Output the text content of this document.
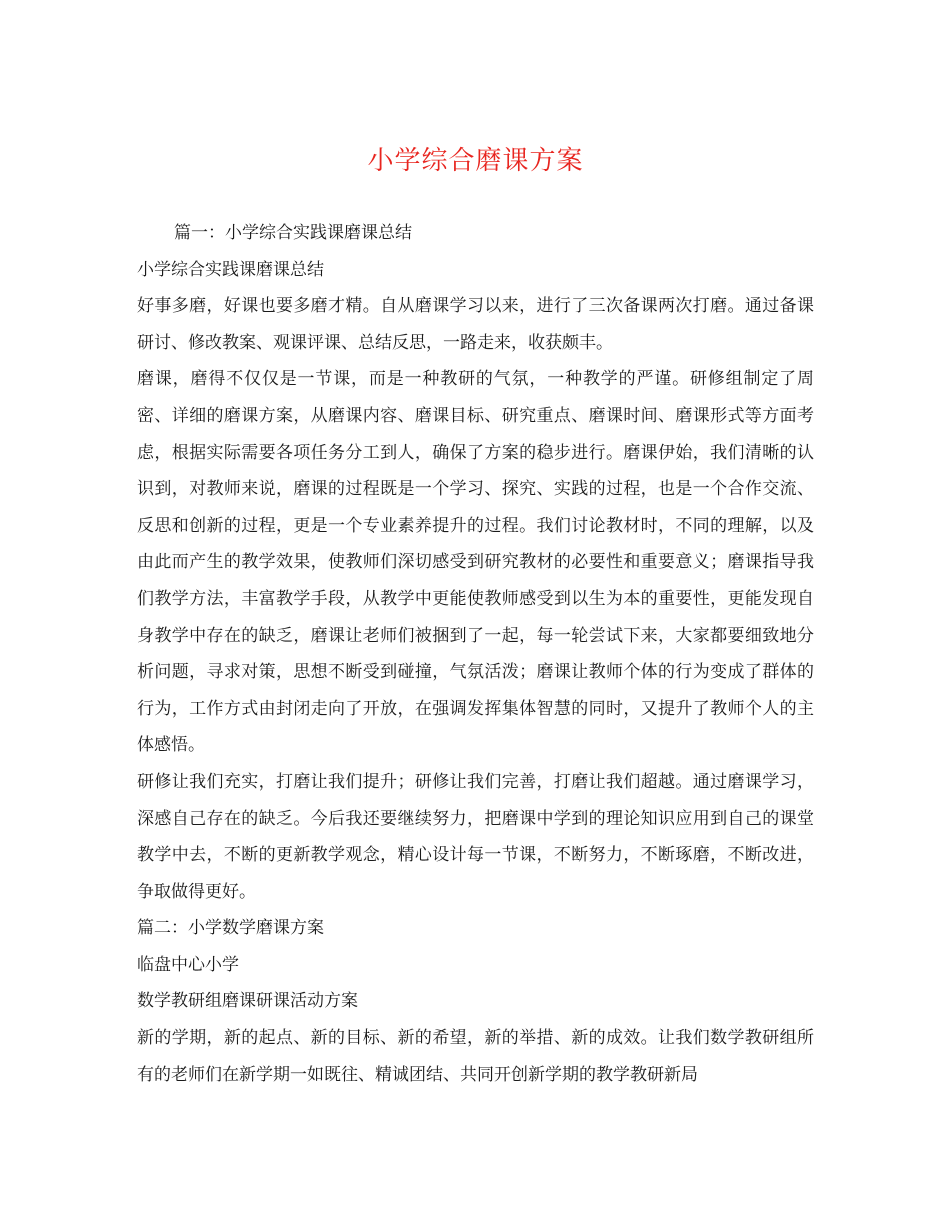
小学综合磨课方案

篇一：小学综合实践课磨课总结

小学综合实践课磨课总结

好事多磨，好课也要多磨才精。自从磨课学习以来，进行了三次备课两次打磨。通过备课研讨、修改教案、观课评课、总结反思，一路走来，收获颇丰。

磨课，磨得不仅仅是一节课，而是一种教研的气氛，一种教学的严谨。研修组制定了周密、详细的磨课方案，从磨课内容、磨课目标、研究重点、磨课时间、磨课形式等方面考虑，根据实际需要各项任务分工到人，确保了方案的稳步进行。磨课伊始，我们清晰的认识到，对教师来说，磨课的过程既是一个学习、探究、实践的过程，也是一个合作交流、反思和创新的过程，更是一个专业素养提升的过程。我们讨论教材时，不同的理解，以及由此而产生的教学效果，使教师们深切感受到研究教材的必要性和重要意义；磨课指导我们教学方法，丰富教学手段，从教学中更能使教师感受到以生为本的重要性，更能发现自身教学中存在的缺乏，磨课让老师们被捆到了一起，每一轮尝试下来，大家都要细致地分析问题，寻求对策，思想不断受到碰撞，气氛活泼；磨课让教师个体的行为变成了群体的行为，工作方式由封闭走向了开放，在强调发挥集体智慧的同时，又提升了教师个人的主体感悟。

研修让我们充实，打磨让我们提升；研修让我们完善，打磨让我们超越。通过磨课学习，深感自己存在的缺乏。今后我还要继续努力，把磨课中学到的理论知识应用到自己的课堂教学中去，不断的更新教学观念，精心设计每一节课，不断努力，不断琢磨，不断改进，争取做得更好。

篇二：小学数学磨课方案

临盘中心小学

数学教研组磨课研课活动方案

新的学期，新的起点、新的目标、新的希望，新的举措、新的成效。让我们数学教研组所有的老师们在新学期一如既往、精诚团结、共同开创新学期的教学教研新局
